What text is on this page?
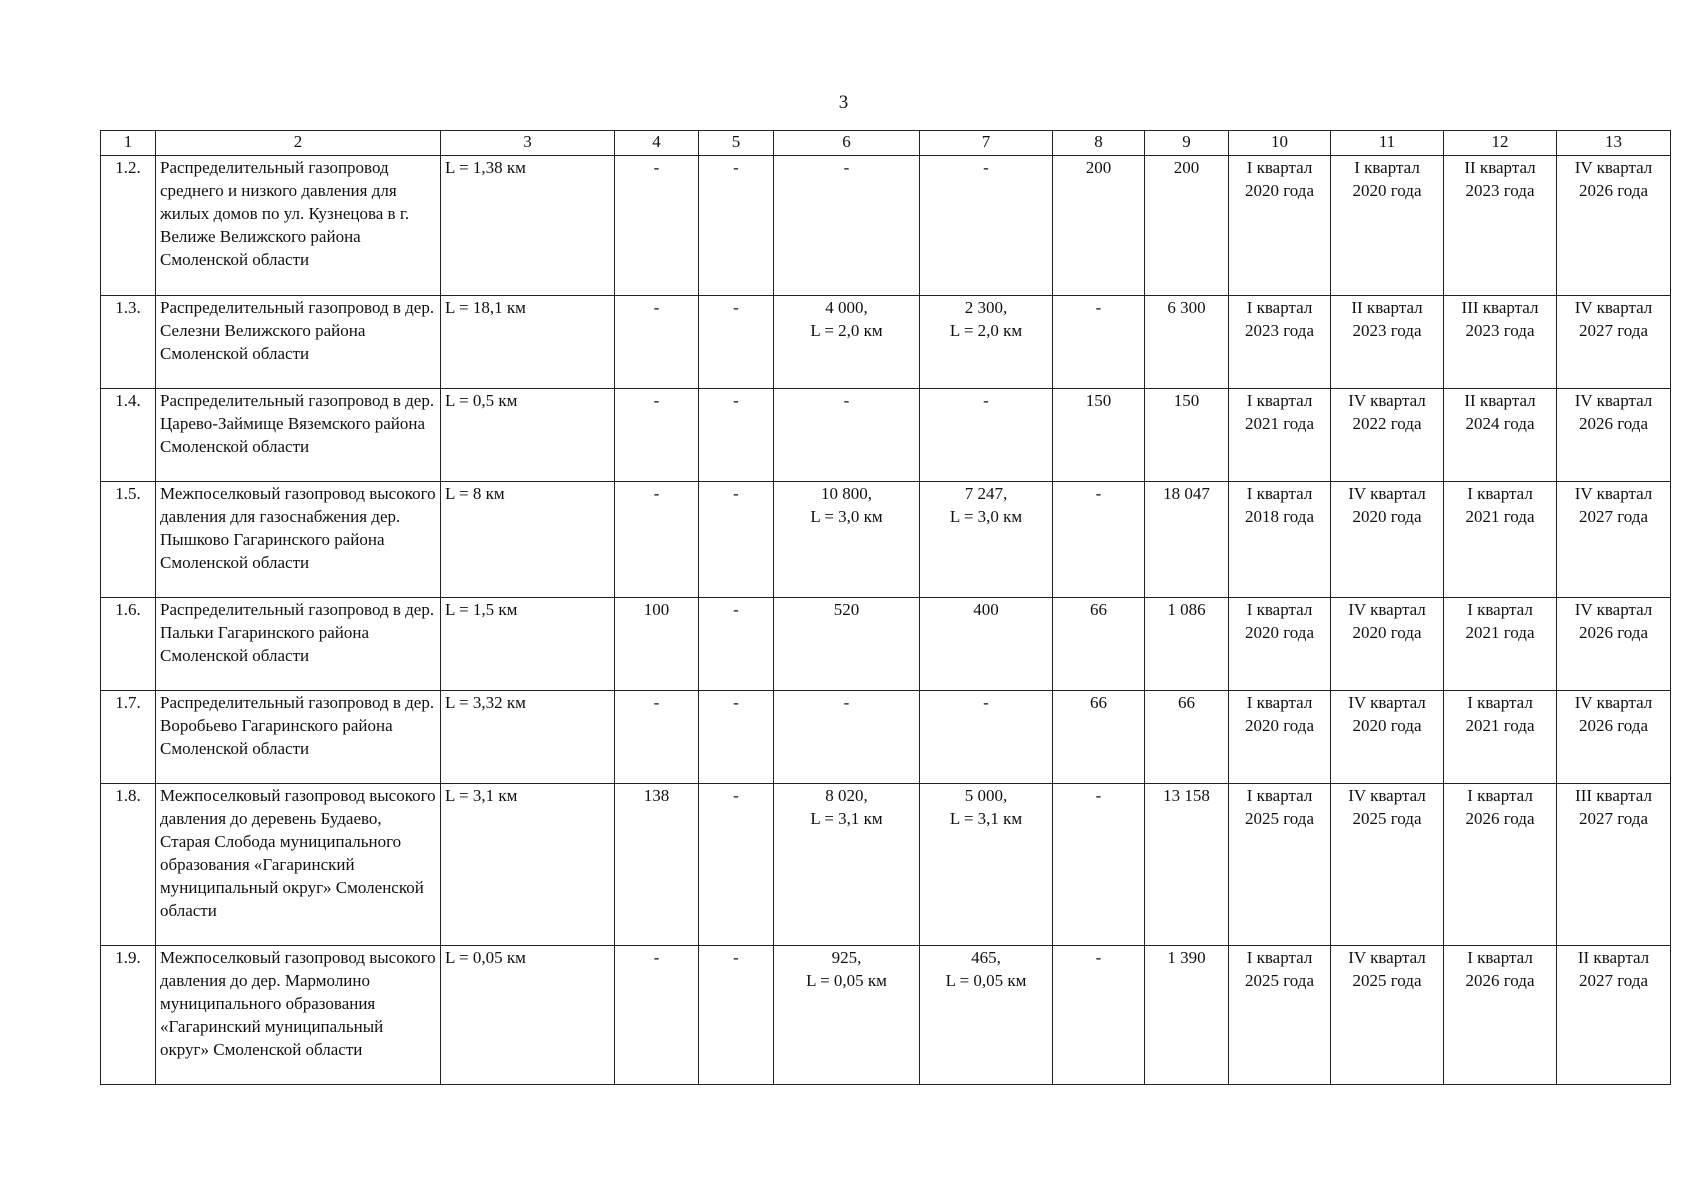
3
1	2	3	4	5	6	7	8	9	10	11	12	13
1.2.	Распределительный газопровод среднего и низкого давления для жилых домов по ул. Кузнецова в г. Велиже Велижского района Смоленской области	L = 1,38 км	-	-	-	-	200	200	I квартал
2020 года	I квартал
2020 года	II квартал
2023 года	IV квартал
2026 года

1.3.	Распределительный газопровод в дер. Селезни Велижского района Смоленской области	L = 18,1 км	-	-	4 000,
L = 2,0 км	2 300,
L = 2,0 км	-	6 300	I квартал
2023 года	II квартал
2023 года	III квартал
2023 года	IV квартал
2027 года

1.4.	Распределительный газопровод в дер. Царево-Займище Вяземского района Смоленской области	L = 0,5 км	-	-	-	-	150	150	I квартал
2021 года	IV квартал
2022 года	II квартал
2024 года	IV квартал
2026 года

1.5.	Межпоселковый газопровод высокого давления для газоснабжения дер. Пышково Гагаринского района Смоленской области	L = 8 км	-	-	10 800,
L = 3,0 км	7 247,
L = 3,0 км	-	18 047	I квартал
2018 года	IV квартал
2020 года	I квартал
2021 года	IV квартал
2027 года

1.6.	Распределительный газопровод в дер. Пальки Гагаринского района Смоленской области	L = 1,5 км	100	-	520	400	66	1 086	I квартал
2020 года	IV квартал
2020 года	I квартал
2021 года	IV квартал
2026 года

1.7.	Распределительный газопровод в дер. Воробьево Гагаринского района Смоленской области	L = 3,32 км	-	-	-	-	66	66	I квартал
2020 года	IV квартал
2020 года	I квартал
2021 года	IV квартал
2026 года

1.8.	Межпоселковый газопровод высокого давления до деревень Будаево, Старая Слобода муниципального образования «Гагаринский муниципальный округ» Смоленской области	L = 3,1 км	138	-	8 020,
L = 3,1 км	5 000,
L = 3,1 км	-	13 158	I квартал
2025 года	IV квартал
2025 года	I квартал
2026 года	III квартал
2027 года

1.9.	Межпоселковый газопровод высокого давления до дер. Мармолино муниципального образования «Гагаринский муниципальный округ» Смоленской области	L = 0,05 км	-	-	925,
L = 0,05 км	465,
L = 0,05 км	-	1 390	I квартал
2025 года	IV квартал
2025 года	I квартал
2026 года	II квартал
2027 года
